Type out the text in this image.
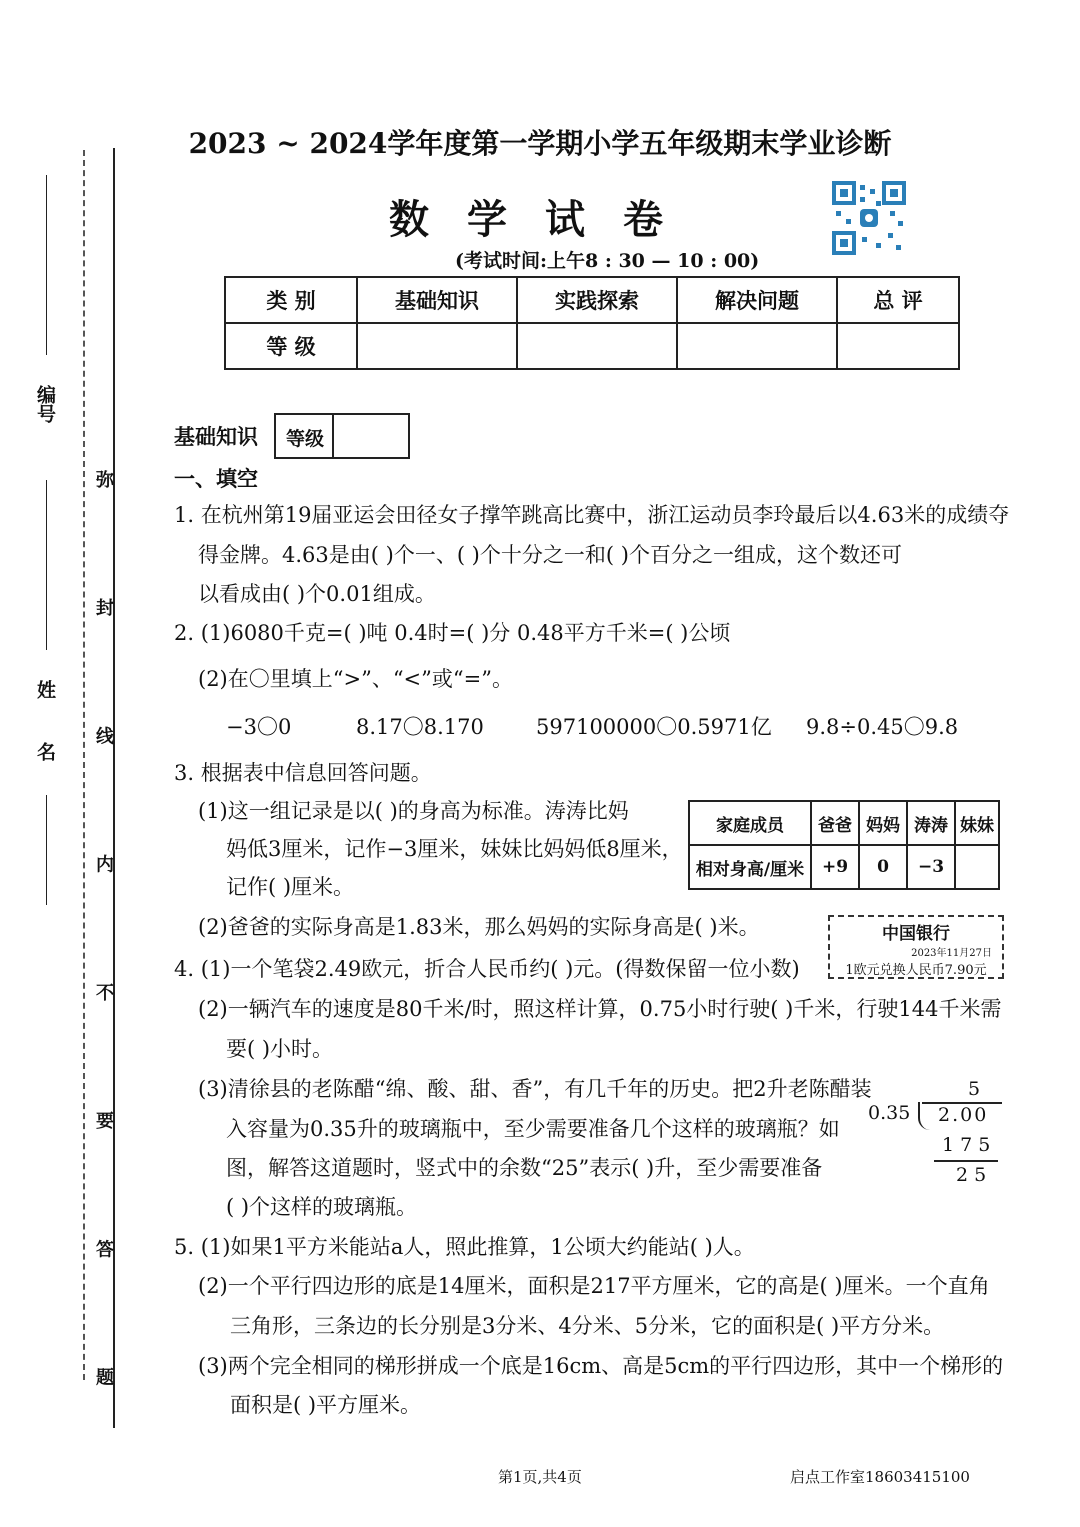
编号
姓 名 弥 封 线 内 不 要 答 题
2023 ~ 2024学年度第一学期小学五年级期末学业诊断
数学试卷
(考试时间:上午8 : 30 — 10 : 00)
类 别	基础知识	实践探索	解决问题	总 评
等 级				
基础知识 等级
一、填空
1. 在杭州第19届亚运会田径女子撑竿跳高比赛中，浙江运动员李玲最后以4.63米的成绩夺
得金牌。4.63是由( )个一、( )个十分之一和( )个百分之一组成，这个数还可
以看成由( )个0.01组成。
2. (1)6080千克=( )吨 0.4时=( )分 0.48平方千米=( )公顷
(2)在〇里填上“>”、“<”或“=”。
−3〇0	8.17〇8.170 597100000〇0.5971亿 9.8÷0.45〇9.8
3. 根据表中信息回答问题。
(1)这一组记录是以( )的身高为标准。涛涛比妈
妈低3厘米，记作−3厘米，妹妹比妈妈低8厘米，
记作( )厘米。
(2)爸爸的实际身高是1.83米，那么妈妈的实际身高是( )米。
家庭成员	爸爸	妈妈	涛涛	妹妹
相对身高/厘米	+9	0	−3	
中国银行
2023年11月27日
1欧元兑换人民币7.90元
4. (1)一个笔袋2.49欧元，折合人民币约( )元。(得数保留一位小数)
(2)一辆汽车的速度是80千米/时，照这样计算，0.75小时行驶( )千米，行驶144千米需
要( )小时。
(3)清徐县的老陈醋“绵、酸、甜、香”，有几千年的历史。把2升老陈醋装
入容量为0.35升的玻璃瓶中，至少需要准备几个这样的玻璃瓶？如
图，解答这道题时，竖式中的余数“25”表示( )升，至少需要准备
( )个这样的玻璃瓶。
5
0.35 2.00
1 7 5
2 5
5. (1)如果1平方米能站a人，照此推算，1公顷大约能站( )人。
(2)一个平行四边形的底是14厘米，面积是217平方厘米，它的高是( )厘米。一个直角
三角形，三条边的长分别是3分米、4分米、5分米，它的面积是( )平方分米。
(3)两个完全相同的梯形拼成一个底是16cm、高是5cm的平行四边形，其中一个梯形的
面积是( )平方厘米。
第1页,共4页	启点工作室18603415100
